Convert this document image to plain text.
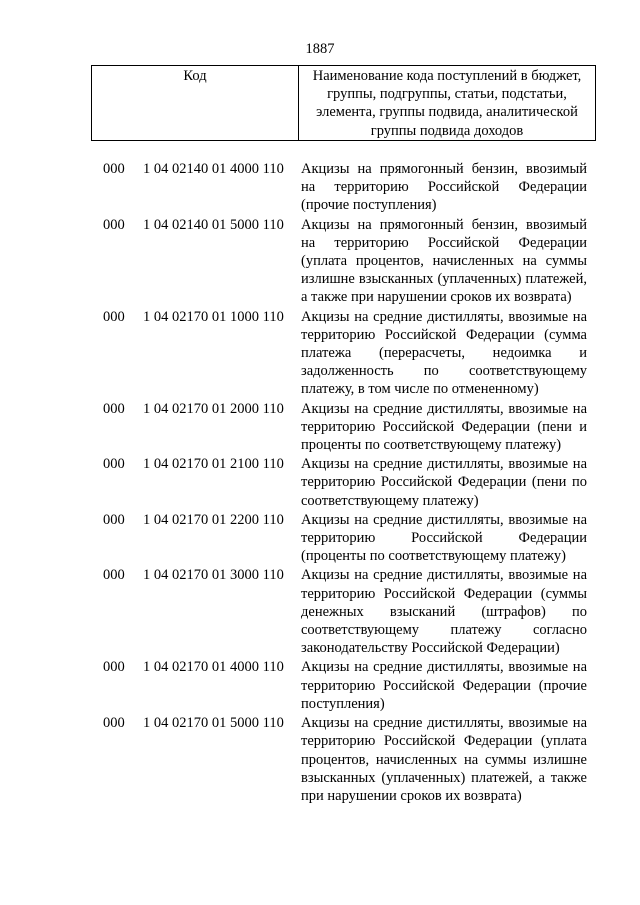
1887
Код	Наименование кода поступлений в бюджет, группы, подгруппы, статьи, подстатьи, элемента, группы подвида, аналитической группы подвида доходов
000 1 04 02140 01 4000 110 Акцизы на прямогонный бензин, ввозимый на территорию Российской Федерации (прочие поступления)
000 1 04 02140 01 5000 110 Акцизы на прямогонный бензин, ввозимый на территорию Российской Федерации (уплата процентов, начисленных на суммы излишне взысканных (уплаченных) платежей, а также при нарушении сроков их возврата)
000 1 04 02170 01 1000 110 Акцизы на средние дистилляты, ввозимые на территорию Российской Федерации (сумма платежа (перерасчеты, недоимка и задолженность по соответствующему платежу, в том числе по отмененному)
000 1 04 02170 01 2000 110 Акцизы на средние дистилляты, ввозимые на территорию Российской Федерации (пени и проценты по соответствующему платежу)
000 1 04 02170 01 2100 110 Акцизы на средние дистилляты, ввозимые на территорию Российской Федерации (пени по соответствующему платежу)
000 1 04 02170 01 2200 110 Акцизы на средние дистилляты, ввозимые на территорию Российской Федерации (проценты по соответствующему платежу)
000 1 04 02170 01 3000 110 Акцизы на средние дистилляты, ввозимые на территорию Российской Федерации (суммы денежных взысканий (штрафов) по соответствующему платежу согласно законодательству Российской Федерации)
000 1 04 02170 01 4000 110 Акцизы на средние дистилляты, ввозимые на территорию Российской Федерации (прочие поступления)
000 1 04 02170 01 5000 110 Акцизы на средние дистилляты, ввозимые на территорию Российской Федерации (уплата процентов, начисленных на суммы излишне взысканных (уплаченных) платежей, а также при нарушении сроков их возврата)
